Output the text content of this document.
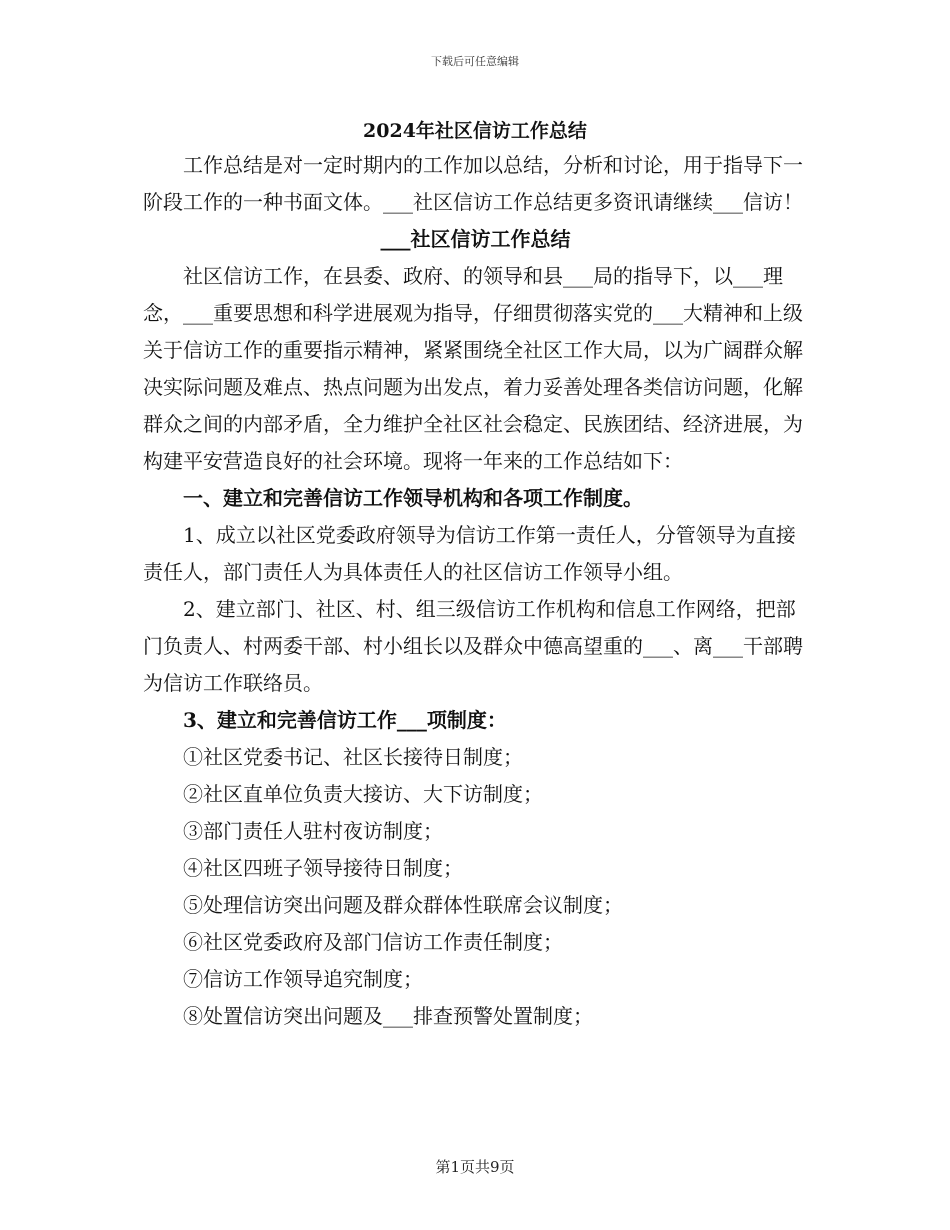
下载后可任意编辑
2024年社区信访工作总结

工作总结是对一定时期内的工作加以总结，分析和讨论，用于指导下一阶段工作的一种书面文体。___社区信访工作总结更多资讯请继续___信访！

___社区信访工作总结

社区信访工作，在县委、政府、的领导和县___局的指导下，以___理念，___重要思想和科学进展观为指导，仔细贯彻落实党的___大精神和上级关于信访工作的重要指示精神，紧紧围绕全社区工作大局，以为广阔群众解决实际问题及难点、热点问题为出发点，着力妥善处理各类信访问题，化解群众之间的内部矛盾，全力维护全社区社会稳定、民族团结、经济进展，为构建平安营造良好的社会环境。现将一年来的工作总结如下：

一、建立和完善信访工作领导机构和各项工作制度。

1、成立以社区党委政府领导为信访工作第一责任人，分管领导为直接责任人，部门责任人为具体责任人的社区信访工作领导小组。

2、建立部门、社区、村、组三级信访工作机构和信息工作网络，把部门负责人、村两委干部、村小组长以及群众中德高望重的___、离___干部聘为信访工作联络员。

3、建立和完善信访工作___项制度：

①社区党委书记、社区长接待日制度；

②社区直单位负责大接访、大下访制度；

③部门责任人驻村夜访制度；

④社区四班子领导接待日制度；

⑤处理信访突出问题及群众群体性联席会议制度；

⑥社区党委政府及部门信访工作责任制度；

⑦信访工作领导追究制度；

⑧处置信访突出问题及___排查预警处置制度；

第1页共9页
